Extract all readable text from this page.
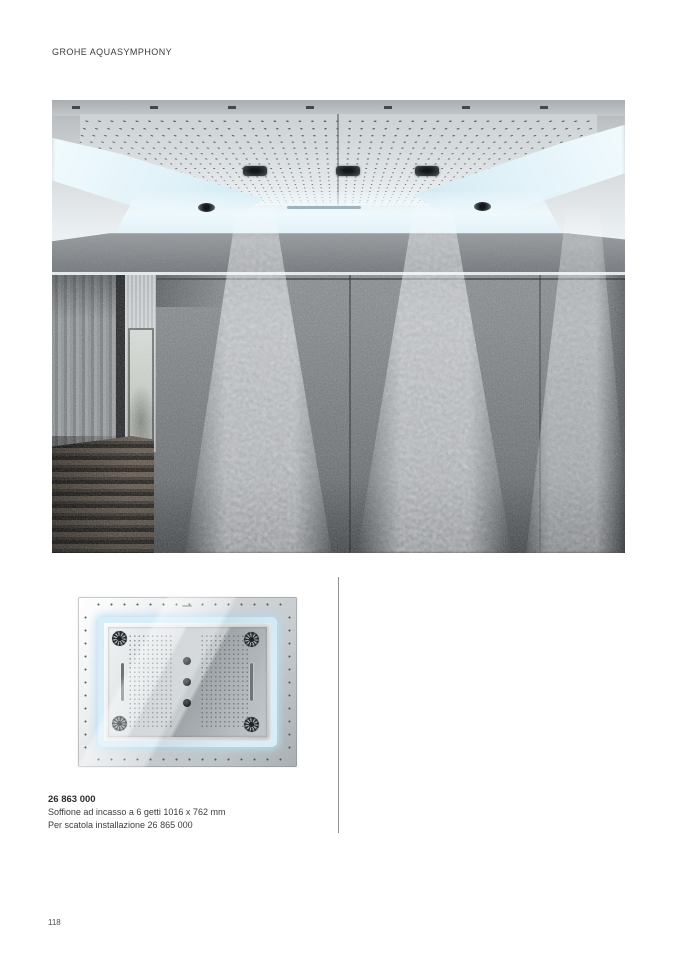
GROHE AQUASYMPHONY
26 863 000
Soffione ad incasso a 6 getti 1016 x 762 mm
Per scatola installazione 26 865 000
118
